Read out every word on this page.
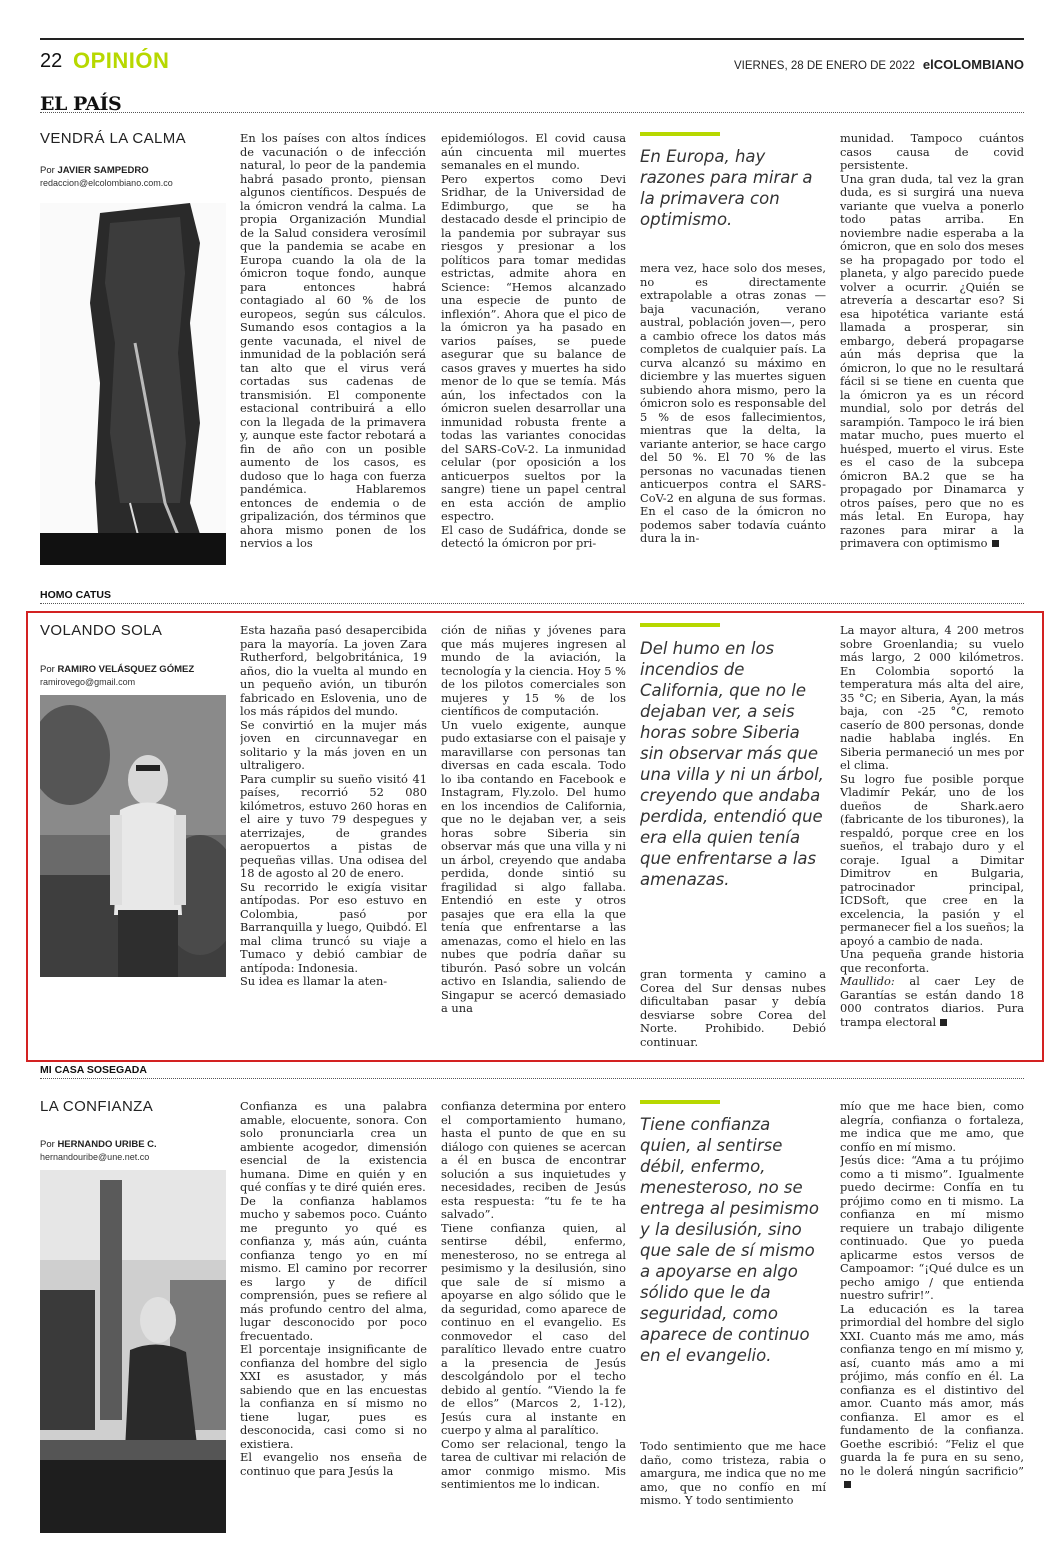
22 OPINIÓN	VIERNES, 28 DE ENERO DE 2022 elCOLOMBIANO
EL PAÍS
VENDRÁ LA CALMA
Por JAVIER SAMPEDRO
redaccion@elcolombiano.com.co
En los países con altos índices de vacunación o de infección natural, lo peor de la pandemia habrá pasado pronto, piensan algunos científicos. Después de la ómicron vendrá la calma. La propia Organización Mundial de la Salud considera verosímil que la pandemia se acabe en Europa cuando la ola de la ómicron toque fondo, aunque para entonces habrá contagiado al 60 % de los europeos, según sus cálculos. Sumando esos contagios a la gente vacunada, el nivel de inmunidad de la población será tan alto que el virus verá cortadas sus cadenas de transmisión. El componente estacional contribuirá a ello con la llegada de la primavera y, aunque este factor rebotará a fin de año con un posible aumento de los casos, es dudoso que lo haga con fuerza pandémica. Hablaremos entonces de endemia o de gripalización, dos términos que ahora mismo ponen de los nervios a los
epidemiólogos. El covid causa aún cincuenta mil muertes semanales en el mundo.
Pero expertos como Devi Sridhar, de la Universidad de Edimburgo, que se ha destacado desde el principio de la pandemia por subrayar sus riesgos y presionar a los políticos para tomar medidas estrictas, admite ahora en Science: “Hemos alcanzado una especie de punto de inflexión”. Ahora que el pico de la ómicron ya ha pasado en varios países, se puede asegurar que su balance de casos graves y muertes ha sido menor de lo que se temía. Más aún, los infectados con la ómicron suelen desarrollar una inmunidad robusta frente a todas las variantes conocidas del SARS-CoV-2. La inmunidad celular (por oposición a los anticuerpos sueltos por la sangre) tiene un papel central en esta acción de amplio espectro.
El caso de Sudáfrica, donde se detectó la ómicron por pri-
En Europa, hay razones para mirar a la primavera con optimismo.
mera vez, hace solo dos meses, no es directamente extrapolable a otras zonas —baja vacunación, verano austral, población joven—, pero a cambio ofrece los datos más completos de cualquier país. La curva alcanzó su máximo en diciembre y las muertes siguen subiendo ahora mismo, pero la ómicron solo es responsable del 5 % de esos fallecimientos, mientras que la delta, la variante anterior, se hace cargo del 50 %. El 70 % de las personas no vacunadas tienen anticuerpos contra el SARS-CoV-2 en alguna de sus formas. En el caso de la ómicron no podemos saber todavía cuánto dura la in-
munidad. Tampoco cuántos casos causa de covid persistente.
Una gran duda, tal vez la gran duda, es si surgirá una nueva variante que vuelva a ponerlo todo patas arriba. En noviembre nadie esperaba a la ómicron, que en solo dos meses se ha propagado por todo el planeta, y algo parecido puede volver a ocurrir. ¿Quién se atrevería a descartar eso? Si esa hipotética variante está llamada a prosperar, sin embargo, deberá propagarse aún más deprisa que la ómicron, lo que no le resultará fácil si se tiene en cuenta que la ómicron ya es un récord mundial, solo por detrás del sarampión. Tampoco le irá bien matar mucho, pues muerto el huésped, muerto el virus. Este es el caso de la subcepa ómicron BA.2 que se ha propagado por Dinamarca y otros países, pero que no es más letal. En Europa, hay razones para mirar a la primavera con optimismo
HOMO CATUS
VOLANDO SOLA
Por RAMIRO VELÁSQUEZ GÓMEZ
ramirovego@gmail.com
Esta hazaña pasó desapercibida para la mayoría. La joven Zara Rutherford, belgobritánica, 19 años, dio la vuelta al mundo en un pequeño avión, un tiburón fabricado en Eslovenia, uno de los más rápidos del mundo.
Se convirtió en la mujer más joven en circunnavegar en solitario y la más joven en un ultraligero.
Para cumplir su sueño visitó 41 países, recorrió 52 080 kilómetros, estuvo 260 horas en el aire y tuvo 79 despegues y aterrizajes, de grandes aeropuertos a pistas de pequeñas villas. Una odisea del 18 de agosto al 20 de enero.
Su recorrido le exigía visitar antípodas. Por eso estuvo en Colombia, pasó por Barranquilla y luego, Quibdó. El mal clima truncó su viaje a Tumaco y debió cambiar de antípoda: Indonesia.
Su idea es llamar la aten-
ción de niñas y jóvenes para que más mujeres ingresen al mundo de la aviación, la tecnología y la ciencia. Hoy 5 % de los pilotos comerciales son mujeres y 15 % de los científicos de computación.
Un vuelo exigente, aunque pudo extasiarse con el paisaje y maravillarse con personas tan diversas en cada escala. Todo lo iba contando en Facebook e Instagram, Fly.zolo. Del humo en los incendios de California, que no le dejaban ver, a seis horas sobre Siberia sin observar más que una villa y ni un árbol, creyendo que andaba perdida, donde sintió su fragilidad si algo fallaba. Entendió en este y otros pasajes que era ella la que tenía que enfrentarse a las amenazas, como el hielo en las nubes que podría dañar su tiburón. Pasó sobre un volcán activo en Islandia, saliendo de Singapur se acercó demasiado a una
Del humo en los incendios de California, que no le dejaban ver, a seis horas sobre Siberia sin observar más que una villa y ni un árbol, creyendo que andaba perdida, entendió que era ella quien tenía que enfrentarse a las amenazas.
gran tormenta y camino a Corea del Sur densas nubes dificultaban pasar y debía desviarse sobre Corea del Norte. Prohibido. Debió continuar.
La mayor altura, 4 200 metros sobre Groenlandia; su vuelo más largo, 2 000 kilómetros. En Colombia soportó la temperatura más alta del aire, 35 °C; en Siberia, Ayan, la más baja, con -25 °C, remoto caserío de 800 personas, donde nadie hablaba inglés. En Siberia permaneció un mes por el clima.
Su logro fue posible porque Vladimír Pekár, uno de los dueños de Shark.aero (fabricante de los tiburones), la respaldó, porque cree en los sueños, el trabajo duro y el coraje. Igual a Dimitar Dimitrov en Bulgaria, patrocinador principal, ICDSoft, que cree en la excelencia, la pasión y el permanecer fiel a los sueños; la apoyó a cambio de nada.
Una pequeña grande historia que reconforta.
Maullido: al caer Ley de Garantías se están dando 18 000 contratos diarios. Pura trampa electoral
MI CASA SOSEGADA
LA CONFIANZA
Por HERNANDO URIBE C.
hernandouribe@une.net.co
Confianza es una palabra amable, elocuente, sonora. Con solo pronunciarla crea un ambiente acogedor, dimensión esencial de la existencia humana. Dime en quién y en qué confías y te diré quién eres.
De la confianza hablamos mucho y sabemos poco. Cuánto me pregunto yo qué es confianza y, más aún, cuánta confianza tengo yo en mí mismo. El camino por recorrer es largo y de difícil comprensión, pues se refiere al más profundo centro del alma, lugar desconocido por poco frecuentado.
El porcentaje insignificante de confianza del hombre del siglo XXI es asustador, y más sabiendo que en las encuestas la confianza en sí mismo no tiene lugar, pues es desconocida, casi como si no existiera.
El evangelio nos enseña de continuo que para Jesús la
confianza determina por entero el comportamiento humano, hasta el punto de que en su diálogo con quienes se acercan a él en busca de encontrar solución a sus inquietudes y necesidades, reciben de Jesús esta respuesta: “tu fe te ha salvado”.
Tiene confianza quien, al sentirse débil, enfermo, menesteroso, no se entrega al pesimismo y la desilusión, sino que sale de sí mismo a apoyarse en algo sólido que le da seguridad, como aparece de continuo en el evangelio. Es conmovedor el caso del paralítico llevado entre cuatro a la presencia de Jesús descolgándolo por el techo debido al gentío. “Viendo la fe de ellos” (Marcos 2, 1-12), Jesús cura al instante en cuerpo y alma al paralítico.
Como ser relacional, tengo la tarea de cultivar mi relación de amor conmigo mismo. Mis sentimientos me lo indican.
Tiene confianza quien, al sentirse débil, enfermo, menesteroso, no se entrega al pesimismo y la desilusión, sino que sale de sí mismo a apoyarse en algo sólido que le da seguridad, como aparece de continuo en el evangelio.
Todo sentimiento que me hace daño, como tristeza, rabia o amargura, me indica que no me amo, que no confío en mí mismo. Y todo sentimiento
mío que me hace bien, como alegría, confianza o fortaleza, me indica que me amo, que confío en mí mismo.
Jesús dice: “Ama a tu prójimo como a ti mismo”. Igualmente puedo decirme: Confía en tu prójimo como en ti mismo. La confianza en mí mismo requiere un trabajo diligente continuado. Que yo pueda aplicarme estos versos de Campoamor: “¡Qué dulce es un pecho amigo / que entienda nuestro sufrir!”.
La educación es la tarea primordial del hombre del siglo XXI. Cuanto más me amo, más confianza tengo en mí mismo y, así, cuanto más amo a mi prójimo, más confío en él. La confianza es el distintivo del amor. Cuanto más amor, más confianza. El amor es el fundamento de la confianza. Goethe escribió: “Feliz el que guarda la fe pura en su seno, no le dolerá ningún sacrificio”
